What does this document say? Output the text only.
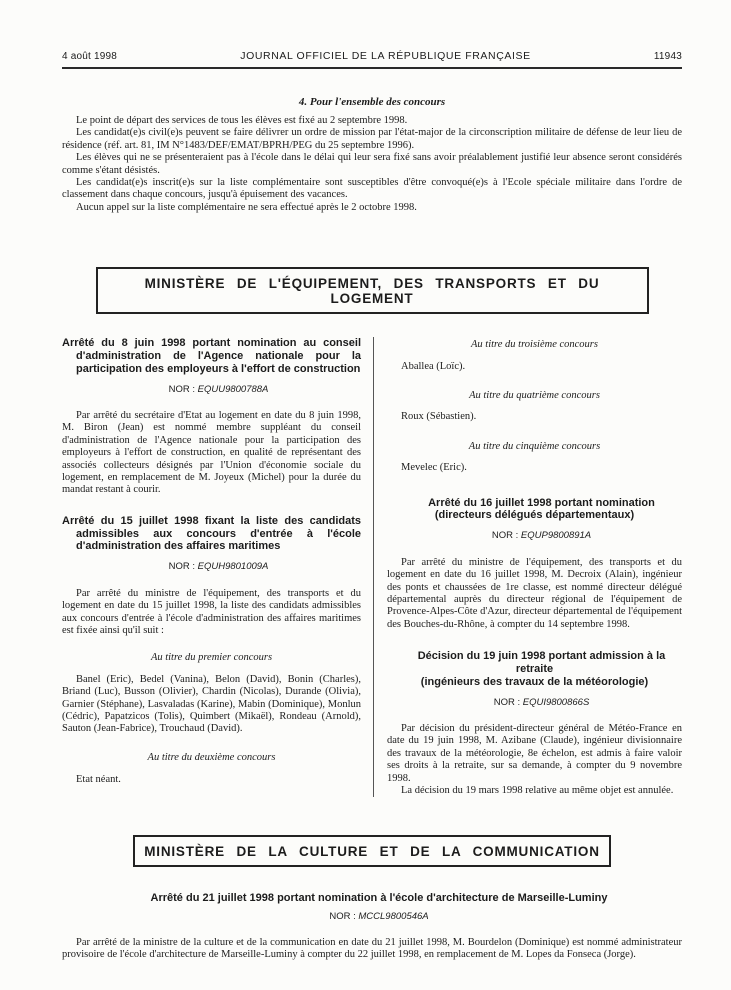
4 août 1998	JOURNAL OFFICIEL DE LA RÉPUBLIQUE FRANÇAISE	11943
4. Pour l'ensemble des concours

Le point de départ des services de tous les élèves est fixé au 2 septembre 1998.

Les candidat(e)s civil(e)s peuvent se faire délivrer un ordre de mission par l'état-major de la circonscription militaire de défense de leur lieu de résidence (réf. art. 81, IM N°1483/DEF/EMAT/BPRH/PEG du 25 septembre 1996).

Les élèves qui ne se présenteraient pas à l'école dans le délai qui leur sera fixé sans avoir préalablement justifié leur absence seront considérés comme s'étant désistés.

Les candidat(e)s inscrit(e)s sur la liste complémentaire sont susceptibles d'être convoqué(e)s à l'Ecole spéciale militaire dans l'ordre de classement dans chaque concours, jusqu'à épuisement des vacances.

Aucun appel sur la liste complémentaire ne sera effectué après le 2 octobre 1998.

MINISTÈRE DE L'ÉQUIPEMENT, DES TRANSPORTS ET DU LOGEMENT

Arrêté du 8 juin 1998 portant nomination au conseil d'administration de l'Agence nationale pour la participation des employeurs à l'effort de construction

NOR : EQUU9800788A

Par arrêté du secrétaire d'Etat au logement en date du 8 juin 1998, M. Biron (Jean) est nommé membre suppléant du conseil d'administration de l'Agence nationale pour la participation des employeurs à l'effort de construction, en qualité de représentant des associés collecteurs désignés par l'Union d'économie sociale du logement, en remplacement de M. Joyeux (Michel) pour la durée du mandat restant à courir.

Arrêté du 15 juillet 1998 fixant la liste des candidats admissibles aux concours d'entrée à l'école d'administration des affaires maritimes

NOR : EQUH9801009A

Par arrêté du ministre de l'équipement, des transports et du logement en date du 15 juillet 1998, la liste des candidats admissibles aux concours d'entrée à l'école d'administration des affaires maritimes est fixée ainsi qu'il suit :

Au titre du premier concours

Banel (Eric), Bedel (Vanina), Belon (David), Bonin (Charles), Briand (Luc), Busson (Olivier), Chardin (Nicolas), Durande (Olivia), Garnier (Stéphane), Lasvaladas (Karine), Mabin (Dominique), Monlun (Cédric), Papatzicos (Tolis), Quimbert (Mikaël), Rondeau (Arnold), Sauton (Jean-Fabrice), Trouchaud (David).

Au titre du deuxième concours

Etat néant.

Au titre du troisième concours

Aballea (Loïc).

Au titre du quatrième concours

Roux (Sébastien).

Au titre du cinquième concours

Mevelec (Eric).

Arrêté du 16 juillet 1998 portant nomination
(directeurs délégués départementaux)

NOR : EQUP9800891A

Par arrêté du ministre de l'équipement, des transports et du logement en date du 16 juillet 1998, M. Decroix (Alain), ingénieur des ponts et chaussées de 1re classe, est nommé directeur délégué départemental auprès du directeur régional de l'équipement de Provence-Alpes-Côte d'Azur, directeur départemental de l'équipement des Bouches-du-Rhône, à compter du 14 septembre 1998.

Décision du 19 juin 1998 portant admission à la retraite
(ingénieurs des travaux de la météorologie)

NOR : EQUI9800866S

Par décision du président-directeur général de Météo-France en date du 19 juin 1998, M. Azibane (Claude), ingénieur divisionnaire des travaux de la météorologie, 8e échelon, est admis à faire valoir ses droits à la retraite, sur sa demande, à compter du 9 novembre 1998.

La décision du 19 mars 1998 relative au même objet est annulée.

MINISTÈRE DE LA CULTURE ET DE LA COMMUNICATION

Arrêté du 21 juillet 1998 portant nomination à l'école d'architecture de Marseille-Luminy

NOR : MCCL9800546A

Par arrêté de la ministre de la culture et de la communication en date du 21 juillet 1998, M. Bourdelon (Dominique) est nommé administrateur provisoire de l'école d'architecture de Marseille-Luminy à compter du 22 juillet 1998, en remplacement de M. Lopes da Fonseca (Jorge).
